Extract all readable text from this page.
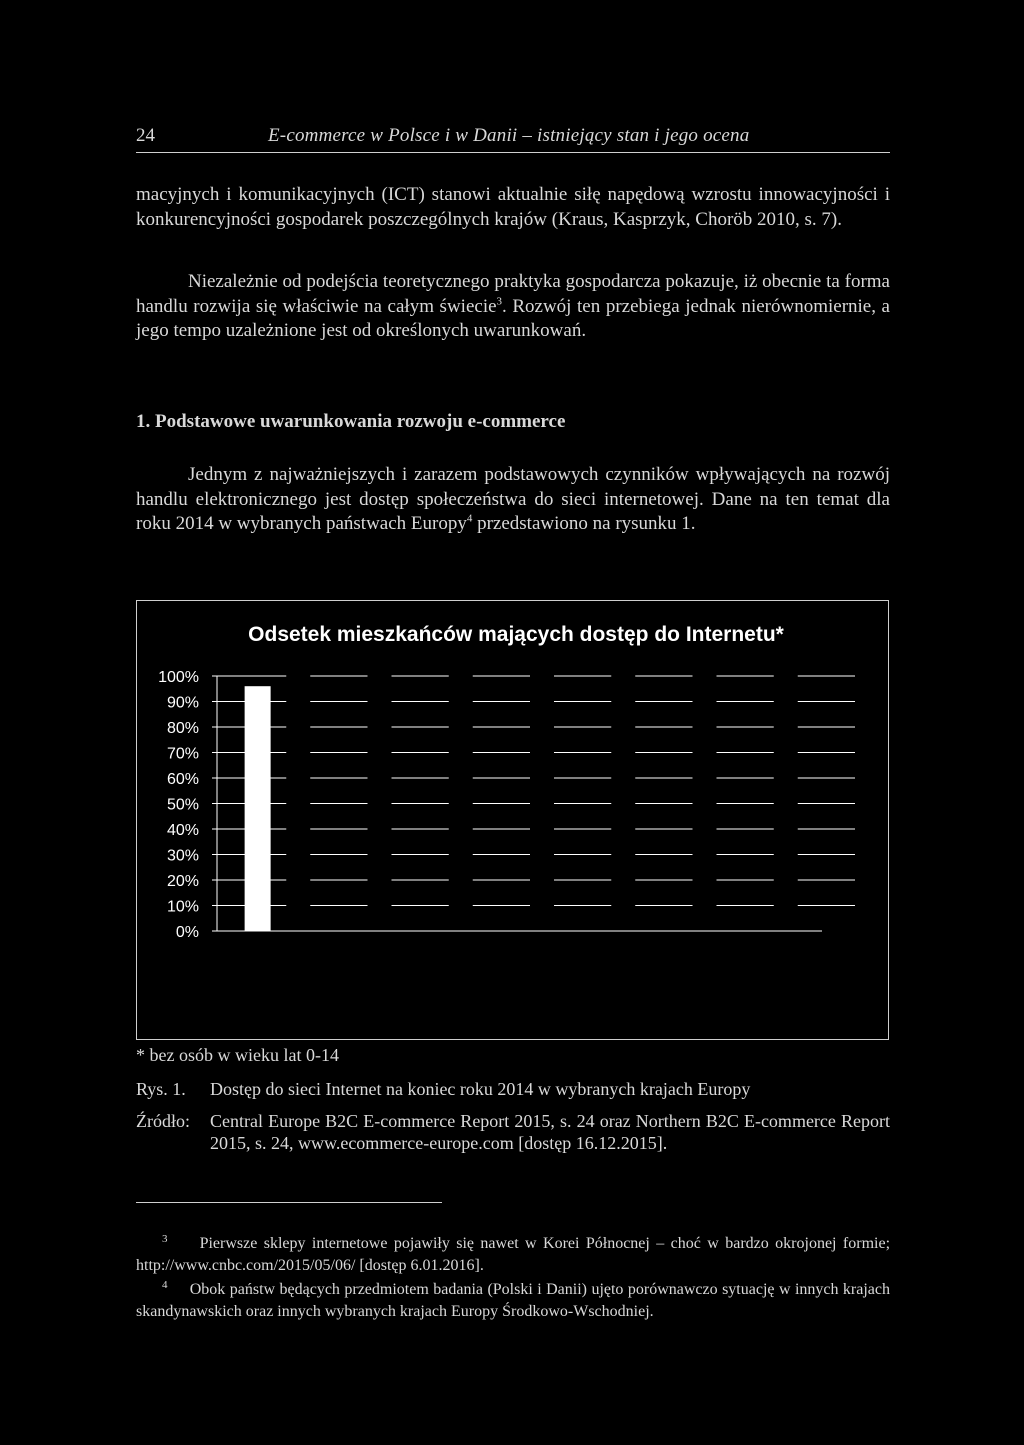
24	E-commerce w Polsce i w Danii – istniejący stan i jego ocena

macyjnych i komunikacyjnych (ICT) stanowi aktualnie siłę napędową wzrostu innowacyjności i konkurencyjności gospodarek poszczególnych krajów (Kraus, Kasprzyk, Choröb 2010, s. 7).

Niezależnie od podejścia teoretycznego praktyka gospodarcza pokazuje, iż obecnie ta forma handlu rozwija się właściwie na całym świecie$^3$. Rozwój ten przebiega jednak nierównomiernie, a jego tempo uzależnione jest od określonych uwarunkowań.

1. Podstawowe uwarunkowania rozwoju e-commerce

Jednym z najważniejszych i zarazem podstawowych czynników wpływających na rozwój handlu elektronicznego jest dostęp społeczeństwa do sieci internetowej. Dane na ten temat dla roku 2014 w wybranych państwach Europy$^4$ przedstawiono na rysunku 1.

Odsetek mieszkańców mających dostęp do Internetu*
100%
90%
80%
70%
60%
50%
40%
30%
20%
10%
0%
* bez osób w wieku lat 0-14
Rys. 1. Dostęp do sieci Internet na koniec roku 2014 w wybranych krajach Europy
Źródło: Central Europe B2C E-commerce Report 2015, s. 24 oraz Northern B2C E-commerce Report 2015, s. 24, www.ecommerce-europe.com [dostęp 16.12.2015].

$^3$ Pierwsze sklepy internetowe pojawiły się nawet w Korei Północnej – choć w bardzo okrojonej formie; http://www.cnbc.com/2015/05/06/ [dostęp 6.01.2016].

$^4$ Obok państw będących przedmiotem badania (Polski i Danii) ujęto porównawczo sytuację w innych krajach skandynawskich oraz innych wybranych krajach Europy Środkowo-Wschodniej.
